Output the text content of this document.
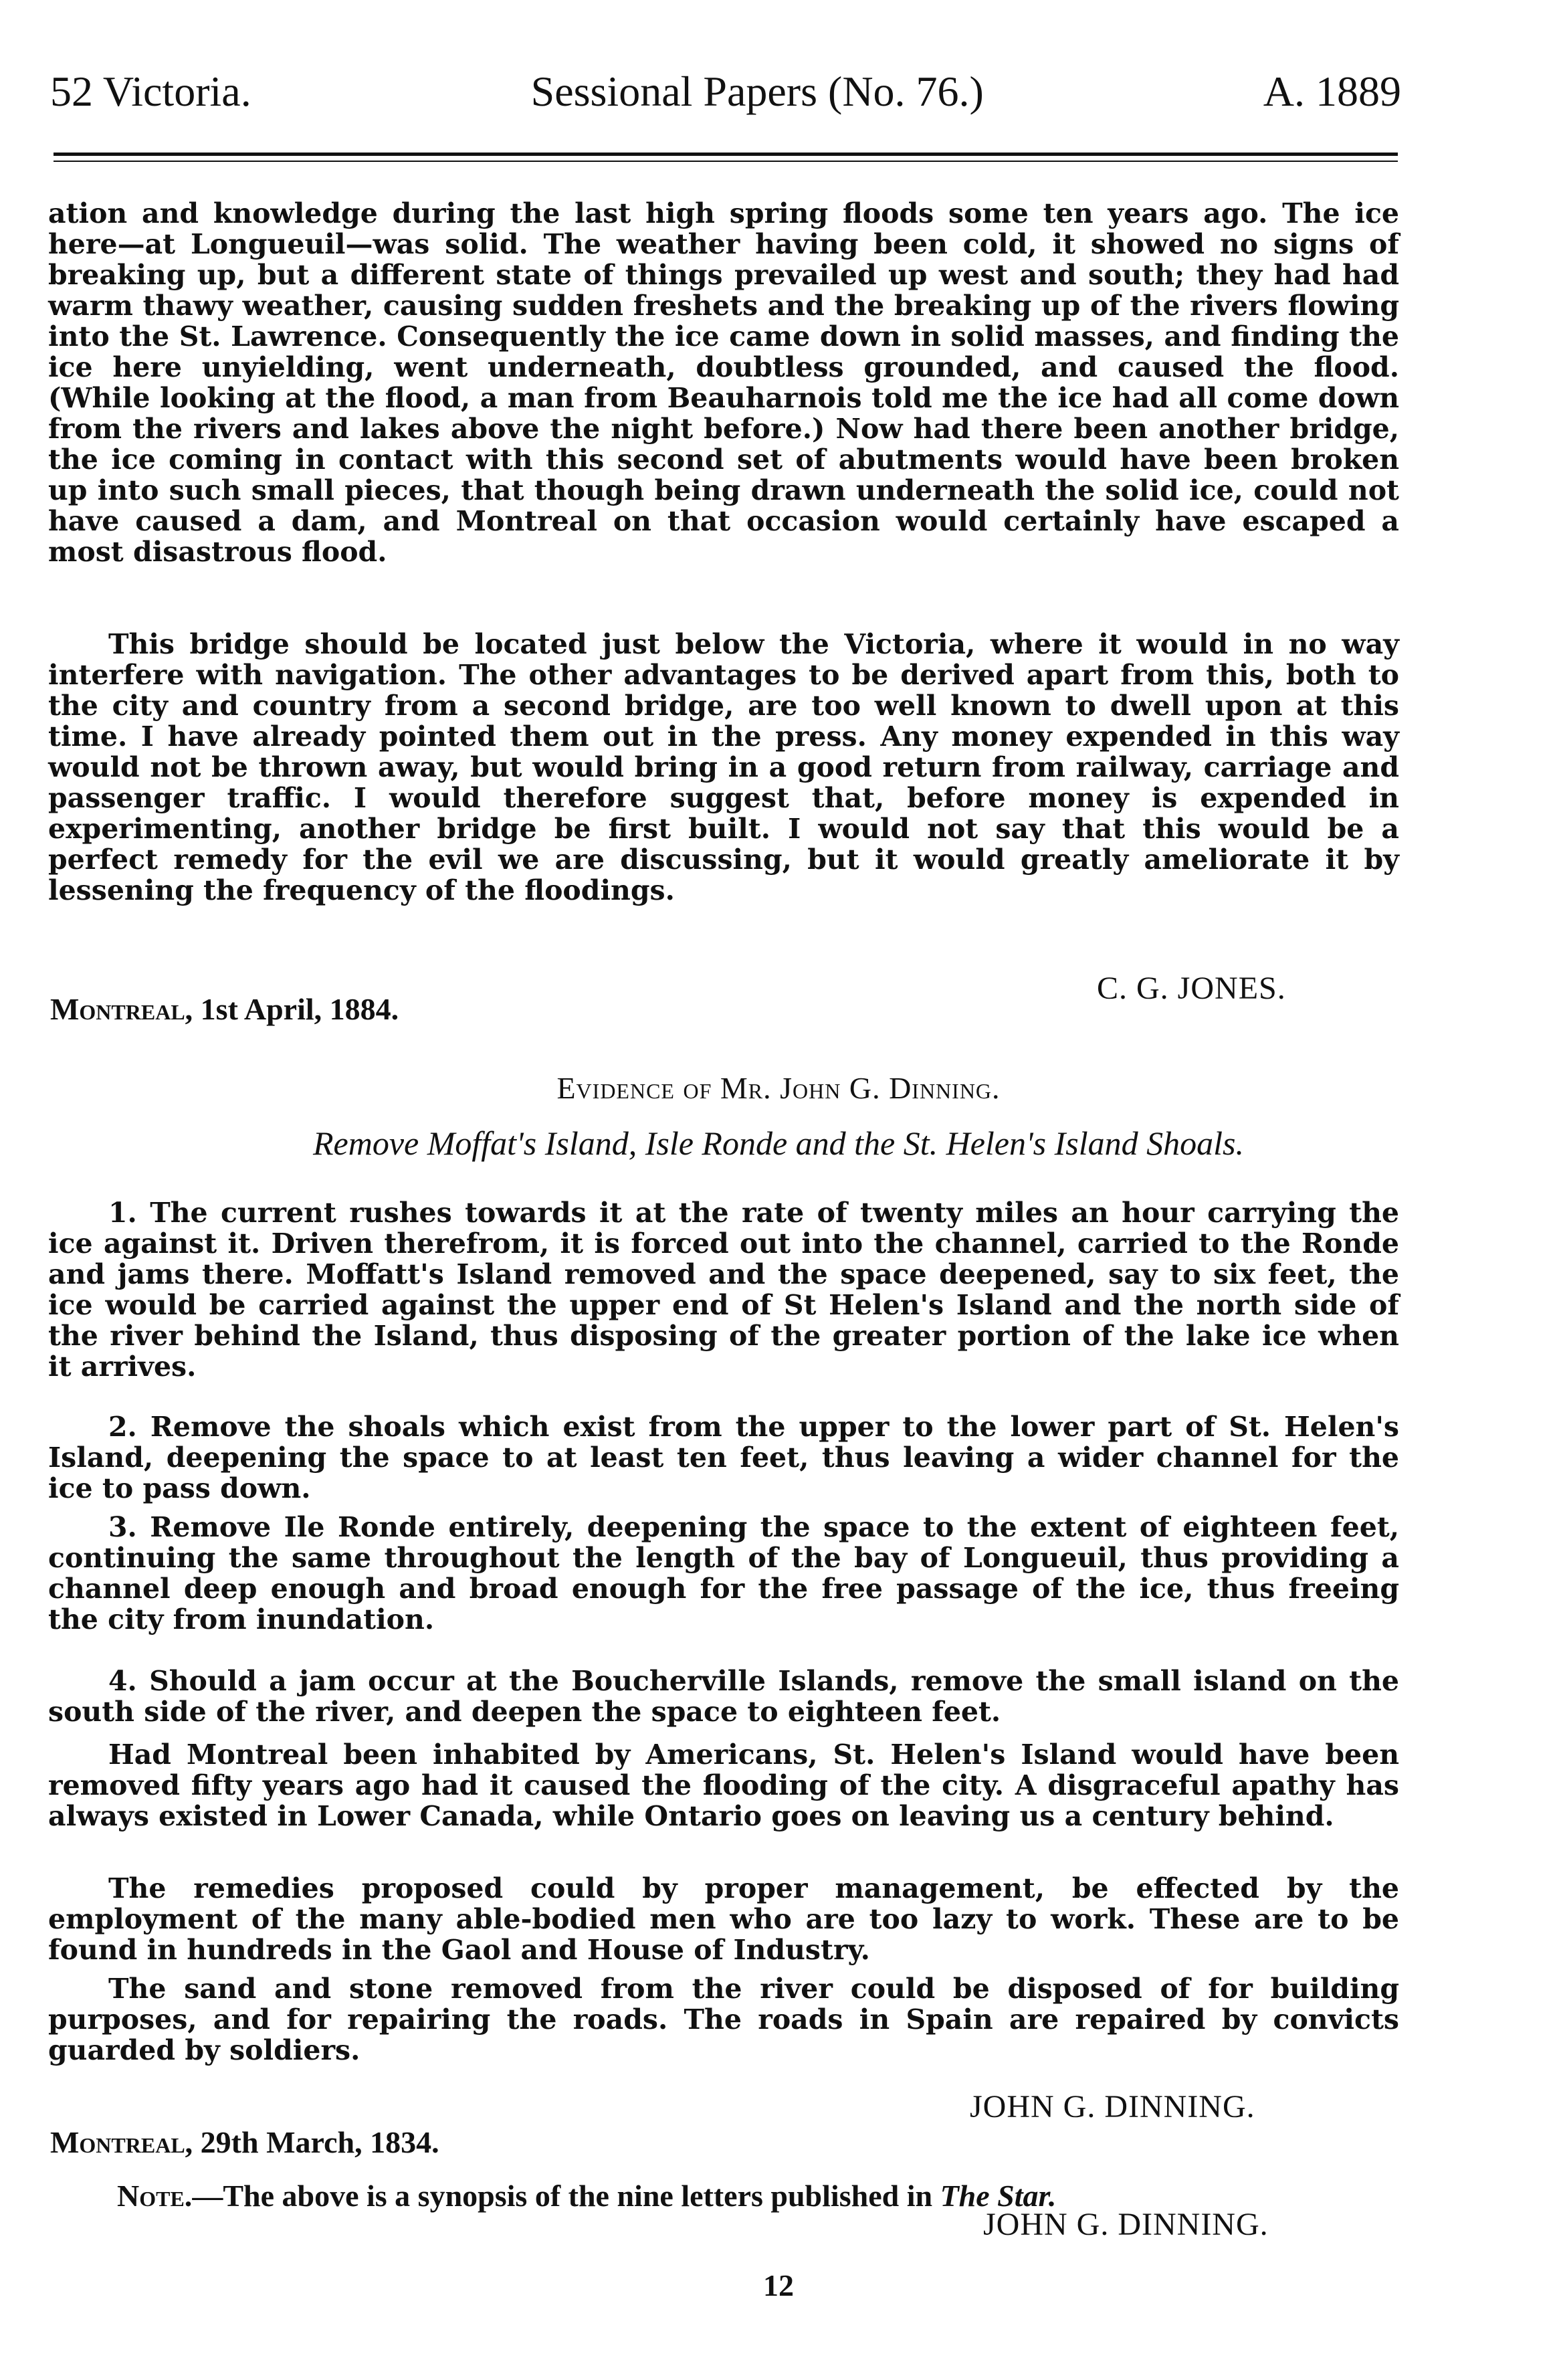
52 Victoria.	Sessional Papers (No. 76.)	A. 1889

ation and knowledge during the last high spring floods some ten years ago. The ice here—at Longueuil—was solid. The weather having been cold, it showed no signs of breaking up, but a different state of things prevailed up west and south; they had had warm thawy weather, causing sudden freshets and the breaking up of the rivers flowing into the St. Lawrence. Consequently the ice came down in solid masses, and finding the ice here unyielding, went underneath, doubtless grounded, and caused the flood. (While looking at the flood, a man from Beauharnois told me the ice had all come down from the rivers and lakes above the night before.) Now had there been another bridge, the ice coming in contact with this second set of abutments would have been broken up into such small pieces, that though being drawn underneath the solid ice, could not have caused a dam, and Montreal on that occasion would certainly have escaped a most disastrous flood.

This bridge should be located just below the Victoria, where it would in no way interfere with navigation. The other advantages to be derived apart from this, both to the city and country from a second bridge, are too well known to dwell upon at this time. I have already pointed them out in the press. Any money expended in this way would not be thrown away, but would bring in a good return from railway, carriage and passenger traffic. I would therefore suggest that, before money is expended in experimenting, another bridge be first built. I would not say that this would be a perfect remedy for the evil we are discussing, but it would greatly ameliorate it by lessening the frequency of the floodings.

C. G. JONES.
Montreal, 1st April, 1884.
Evidence of Mr. John G. Dinning.
Remove Moffat's Island, Isle Ronde and the St. Helen's Island Shoals.

1. The current rushes towards it at the rate of twenty miles an hour carrying the ice against it. Driven therefrom, it is forced out into the channel, carried to the Ronde and jams there. Moffatt's Island removed and the space deepened, say to six feet, the ice would be carried against the upper end of St Helen's Island and the north side of the river behind the Island, thus disposing of the greater portion of the lake ice when it arrives.

2. Remove the shoals which exist from the upper to the lower part of St. Helen's Island, deepening the space to at least ten feet, thus leaving a wider channel for the ice to pass down.

3. Remove Ile Ronde entirely, deepening the space to the extent of eighteen feet, continuing the same throughout the length of the bay of Longueuil, thus providing a channel deep enough and broad enough for the free passage of the ice, thus freeing the city from inundation.

4. Should a jam occur at the Boucherville Islands, remove the small island on the south side of the river, and deepen the space to eighteen feet.

Had Montreal been inhabited by Americans, St. Helen's Island would have been removed fifty years ago had it caused the flooding of the city. A disgraceful apathy has always existed in Lower Canada, while Ontario goes on leaving us a century behind.

The remedies proposed could by proper management, be effected by the employment of the many able-bodied men who are too lazy to work. These are to be found in hundreds in the Gaol and House of Industry.

The sand and stone removed from the river could be disposed of for building purposes, and for repairing the roads. The roads in Spain are repaired by convicts guarded by soldiers.

JOHN G. DINNING.
Montreal, 29th March, 1834.
Note.—The above is a synopsis of the nine letters published in The Star.
JOHN G. DINNING.
12
